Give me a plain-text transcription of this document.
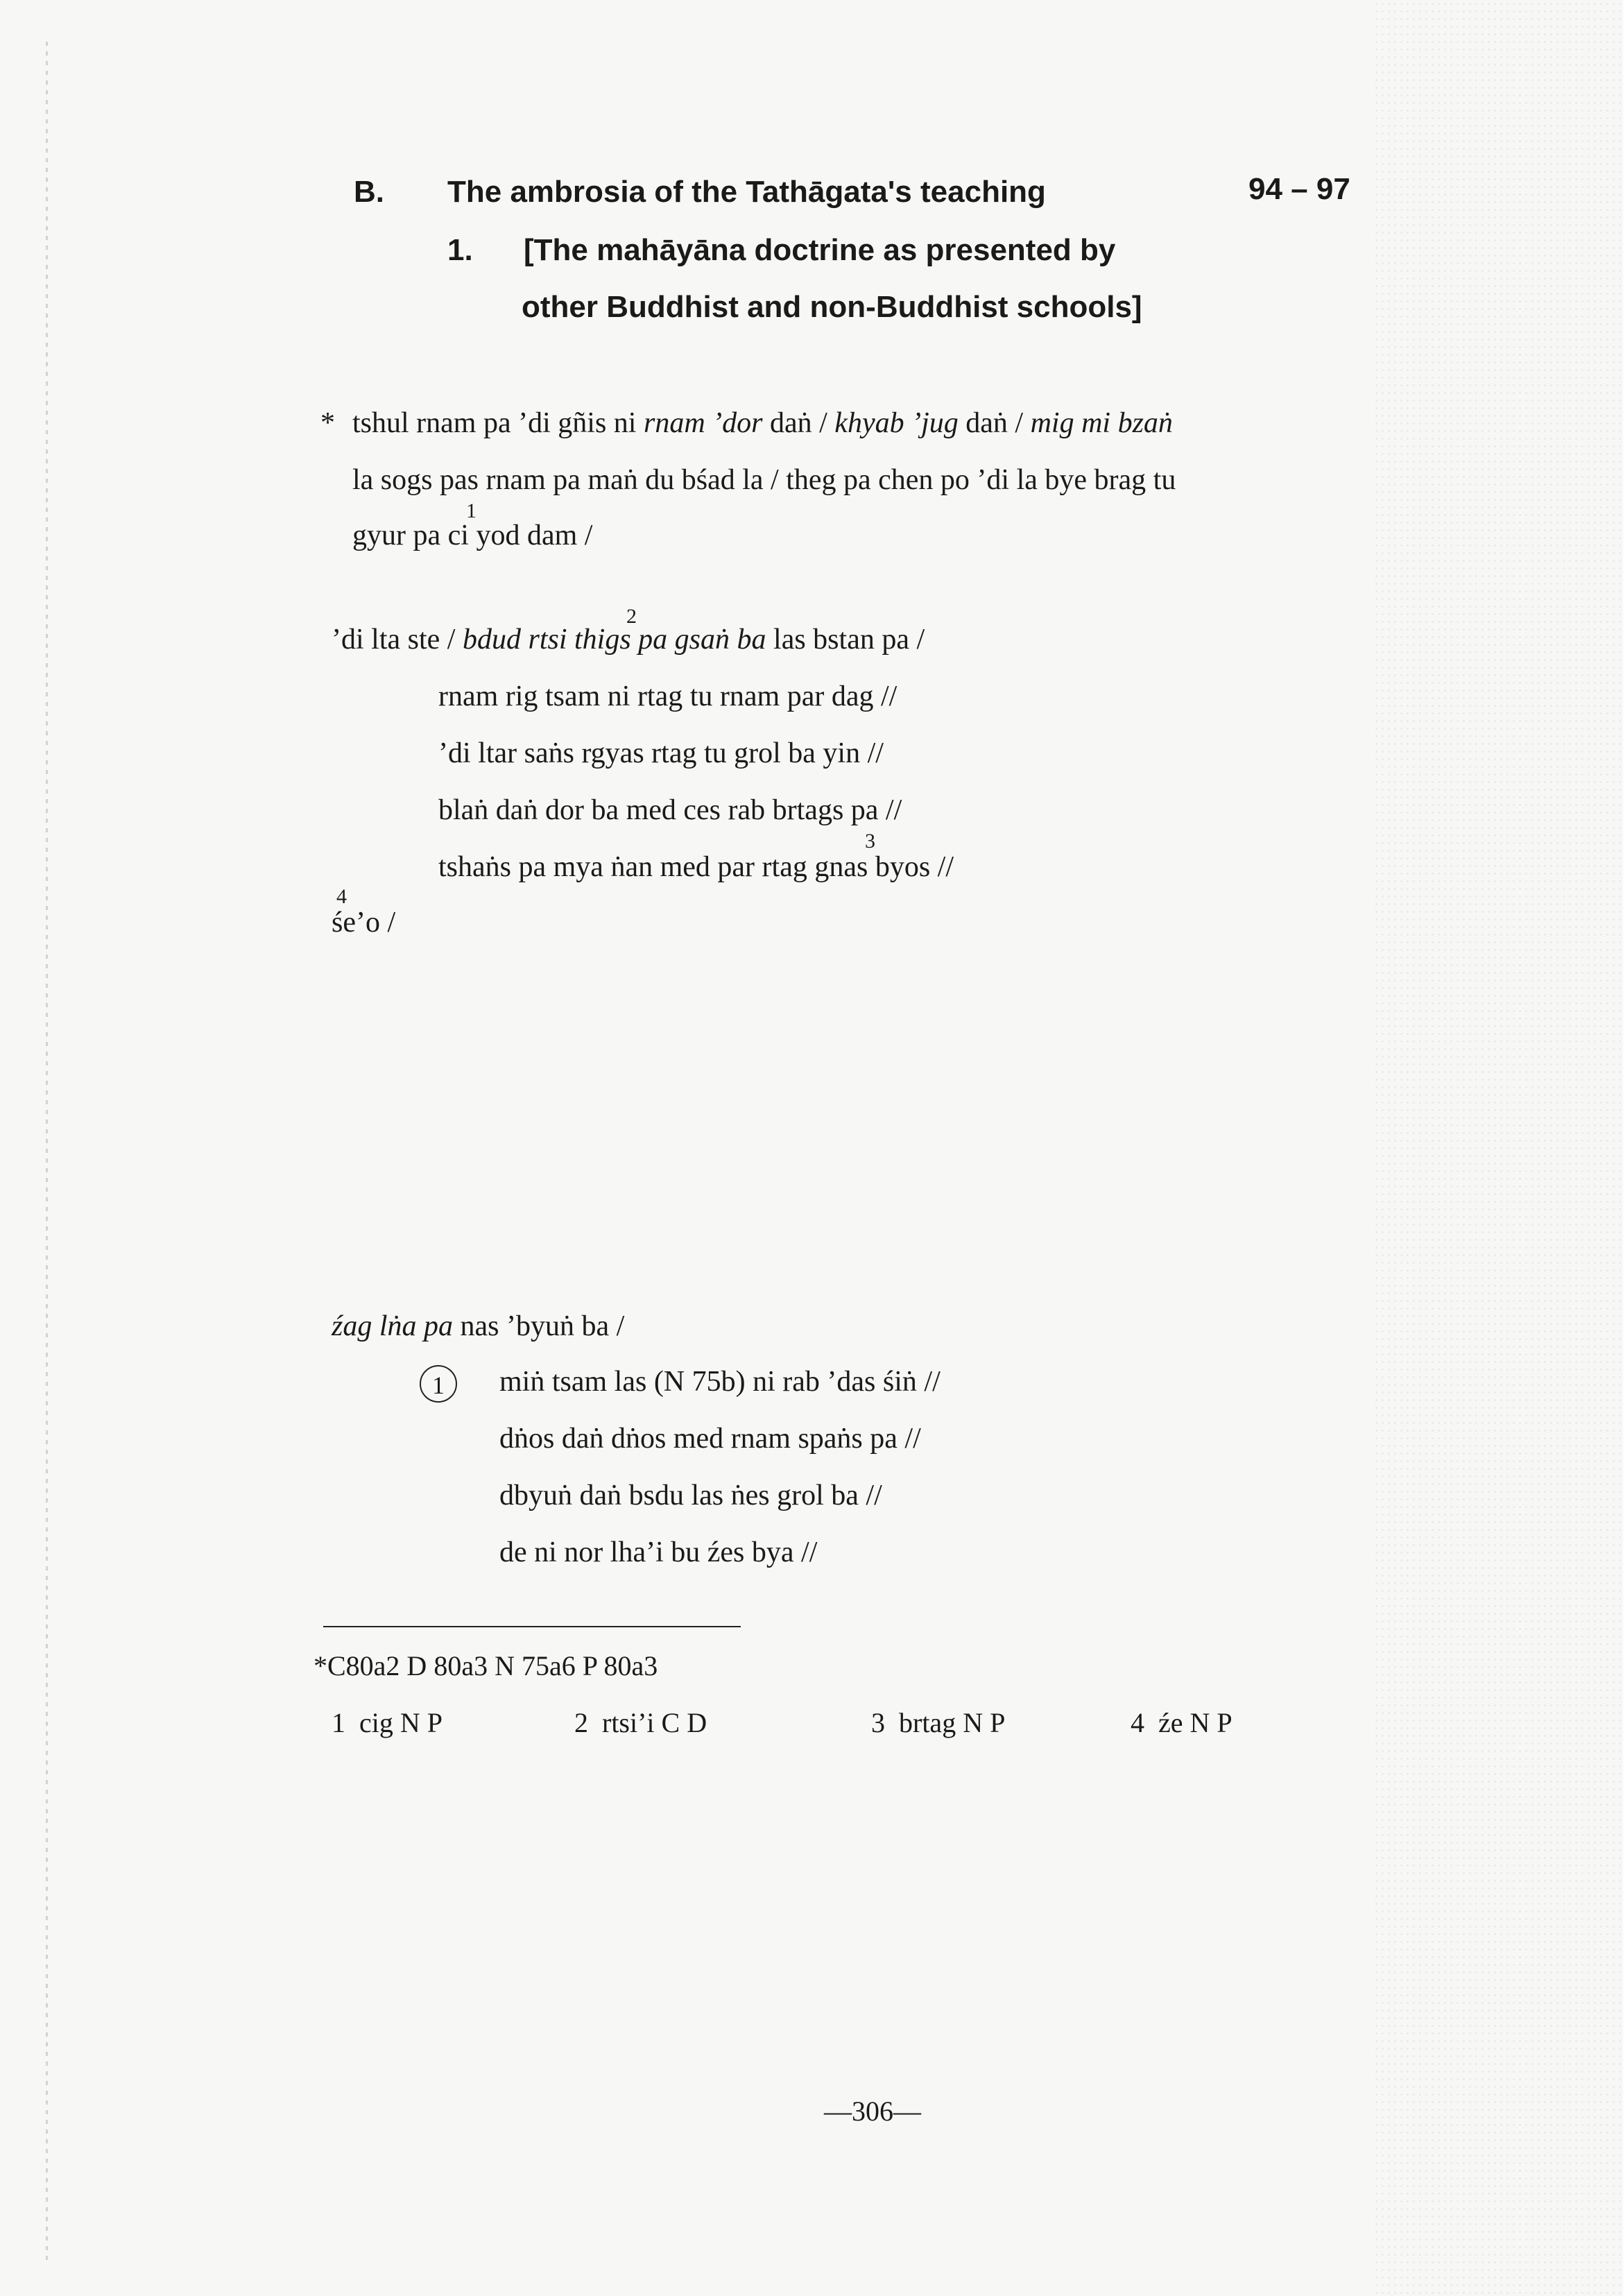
B. The ambrosia of the Tathāgata's teaching	94 – 97
1. [The mahāyāna doctrine as presented by
other Buddhist and non-Buddhist schools]
* tshul rnam pa ’di gñis ni rnam ’dor daṅ / khyab ’jug daṅ / mig mi bzaṅ
la sogs pas rnam pa maṅ du bśad la / theg pa chen po ’di la bye brag tu
1
gyur pa ci yod dam /
2
’di lta ste / bdud rtsi thigs pa gsaṅ ba las bstan pa /
rnam rig tsam ni rtag tu rnam par dag //
’di ltar saṅs rgyas rtag tu grol ba yin //
blaṅ daṅ dor ba med ces rab brtags pa //
3
tshaṅs pa mya ṅan med par rtag gnas byos //
4
śe’o /
źag lṅa pa nas ’byuṅ ba /
1	miṅ tsam las (N 75b) ni rab ’das śiṅ //
dṅos daṅ dṅos med rnam spaṅs pa //
dbyuṅ daṅ bsdu las ṅes grol ba //
de ni nor lha’i bu źes bya //
*C80a2 D 80a3 N 75a6 P 80a3
1 cig N P	2 rtsi’i C D	3 brtag N P	4 źe N P
—306—
